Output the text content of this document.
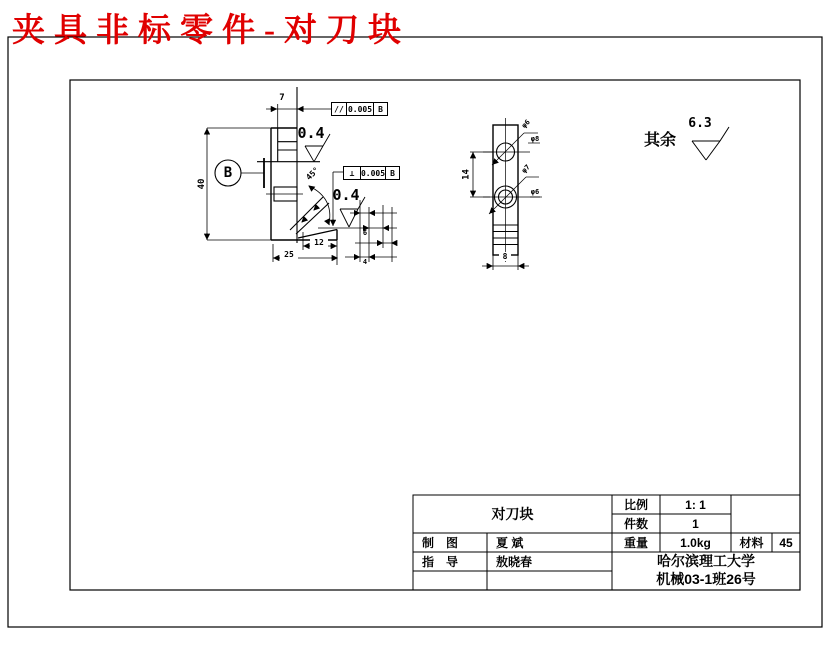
夹具非标零件-对刀块
7
40
12
25
45°
6
4
0.4
0.4
B
// 0.005 B
⊥ 0.005 B	14
8
φ6
φ8
φ7
φ6
其余
6.3
对刀块
比例	1: 1
件数	1
制　图	夏 斌	重量	1.0kg	材料	45
指　导	敖晓春	哈尔滨理工大学
机械03-1班26号
